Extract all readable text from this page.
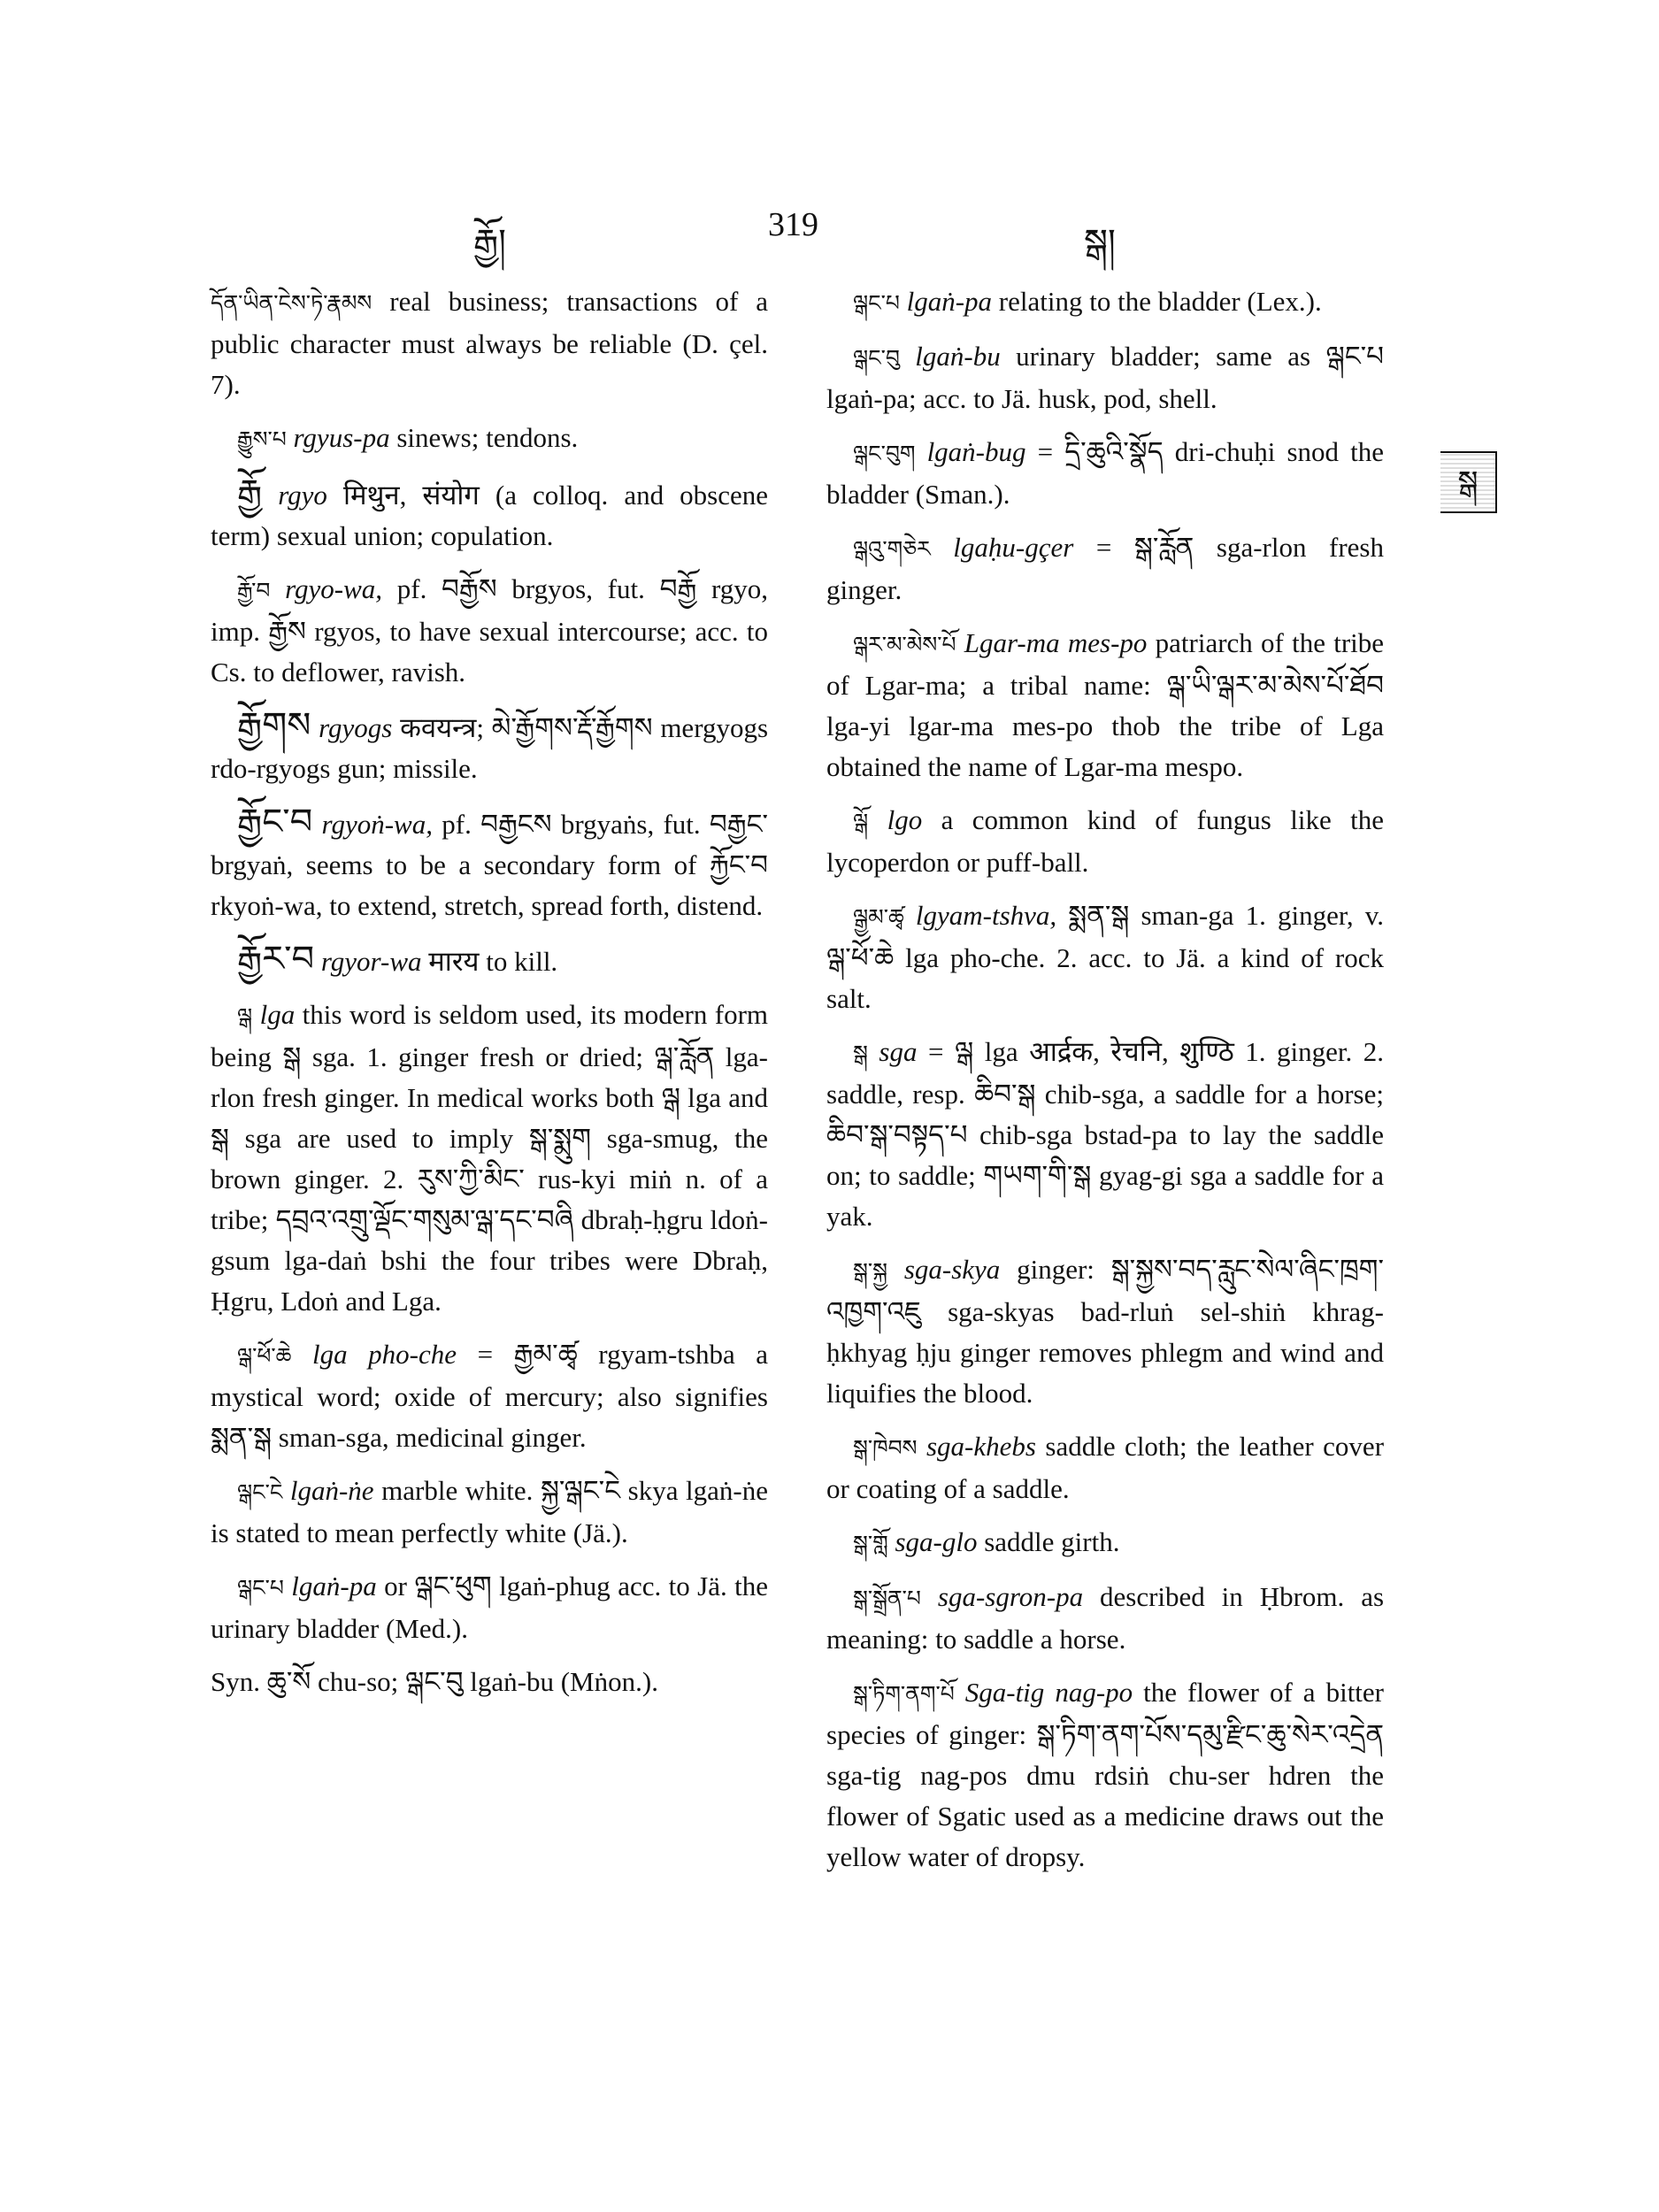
རྒྱོ།	319	སྒ།
སྒ

དོན་ཡིན་ངེས་ཏེ་རྣམས real business; transactions of a public character must always be reliable (D. çel. 7).

རྒྱུས་པ rgyus-pa sinews; tendons.

རྒྱོ rgyo मिथुन, संयोग (a colloq. and obscene term) sexual union; copulation.

རྒྱོ་བ rgyo-wa, pf. བརྒྱོས brgyos, fut. བརྒྱོ rgyo, imp. རྒྱོས rgyos, to have sexual intercourse; acc. to Cs. to deflower, ravish.

རྒྱོགས rgyogs कवयन्त्र; མེ་རྒྱོགས་རྡོ་རྒྱོགས mergyogs rdo-rgyogs gun; missile.

རྒྱོང་བ rgyoṅ-wa, pf. བརྒྱངས brgyaṅs, fut. བརྒྱང་ brgyaṅ, seems to be a secondary form of རྐྱོང་བ rkyoṅ-wa, to extend, stretch, spread forth, distend.

རྒྱོར་བ rgyor-wa मारय to kill.

ལྒ lga this word is seldom used, its modern form being སྒ sga. 1. ginger fresh or dried; ལྒ་རློན lga-rlon fresh ginger. In medical works both ལྒ lga and སྒ sga are used to imply སྒ་སྨུག sga-smug, the brown ginger. 2. རུས་ཀྱི་མིང་ rus-kyi miṅ n. of a tribe; དབྲའ་འགྲུ་ལྡོང་གསུམ་ལྒ་དང་བཞི dbraḥ-ḥgru ldoṅ-gsum lga-daṅ bshi the four tribes were Dbraḥ, Ḥgru, Ldoṅ and Lga.

ལྒ་ཕོ་ཆེ lga pho-che = རྒྱམ་ཚྭ rgyam-tshba a mystical word; oxide of mercury; also signifies སྨན་སྒ sman-sga, medicinal ginger.

ལྒང་ངེ lgaṅ-ṅe marble white. སྐྱ་ལྒང་ངེ skya lgaṅ-ṅe is stated to mean perfectly white (Jä.).

ལྒང་པ lgaṅ-pa or ལྒང་ཕུག lgaṅ-phug acc. to Jä. the urinary bladder (Med.).

Syn. ཆུ་སོ chu-so; ལྒང་བུ lgaṅ-bu (Mṅon.).

ལྒང་པ lgaṅ-pa relating to the bladder (Lex.).

ལྒང་བུ lgaṅ-bu urinary bladder; same as ལྒང་པ lgaṅ-pa; acc. to Jä. husk, pod, shell.

ལྒང་བུག lgaṅ-bug = དྲི་ཆུའི་སྣོད dri-chuḥi snod the bladder (Sman.).

ལྒའུ་གཅེར lgaḥu-gçer = སྒ་རློན sga-rlon fresh ginger.

ལྒར་མ་མེས་པོ Lgar-ma mes-po patriarch of the tribe of Lgar-ma; a tribal name: ལྒ་ཡི་ལྒར་མ་མེས་པོ་ཐོབ lga-yi lgar-ma mes-po thob the tribe of Lga obtained the name of Lgar-ma mespo.

ལྒོ lgo a common kind of fungus like the lycoperdon or puff-ball.

ལྒྱམ་ཚྭ lgyam-tshva, སྨན་སྒ sman-ga 1. ginger, v. ལྒ་ཕོ་ཆེ lga pho-che. 2. acc. to Jä. a kind of rock salt.

སྒ sga = ལྒ lga आर्द्रक, रेचनि, शुण्ठि 1. ginger. 2. saddle, resp. ཆིབ་སྒ chib-sga, a saddle for a horse; ཆིབ་སྒ་བསྟད་པ chib-sga bstad-pa to lay the saddle on; to saddle; གཡག་གི་སྒ gyag-gi sga a saddle for a yak.

སྒ་སྐྱ sga-skya ginger: སྒ་སྐྱས་བད་རླུང་སེལ་ཞིང་ཁྲག་འཁྱག་འཇུ sga-skyas bad-rluṅ sel-shiṅ khrag-ḥkhyag ḥju ginger removes phlegm and wind and liquifies the blood.

སྒ་ཁེབས sga-khebs saddle cloth; the leather cover or coating of a saddle.

སྒ་གློ sga-glo saddle girth.

སྒ་སྒྲོན་པ sga-sgron-pa described in Ḥbrom. as meaning: to saddle a horse.

སྒ་ཏིག་ནག་པོ Sga-tig nag-po the flower of a bitter species of ginger: སྒ་ཏིག་ནག་པོས་དམུ་རྫིང་ཆུ་སེར་འདྲེན sga-tig nag-pos dmu rdsiṅ chu-ser hdren the flower of Sgatic used as a medicine draws out the yellow water of dropsy.
